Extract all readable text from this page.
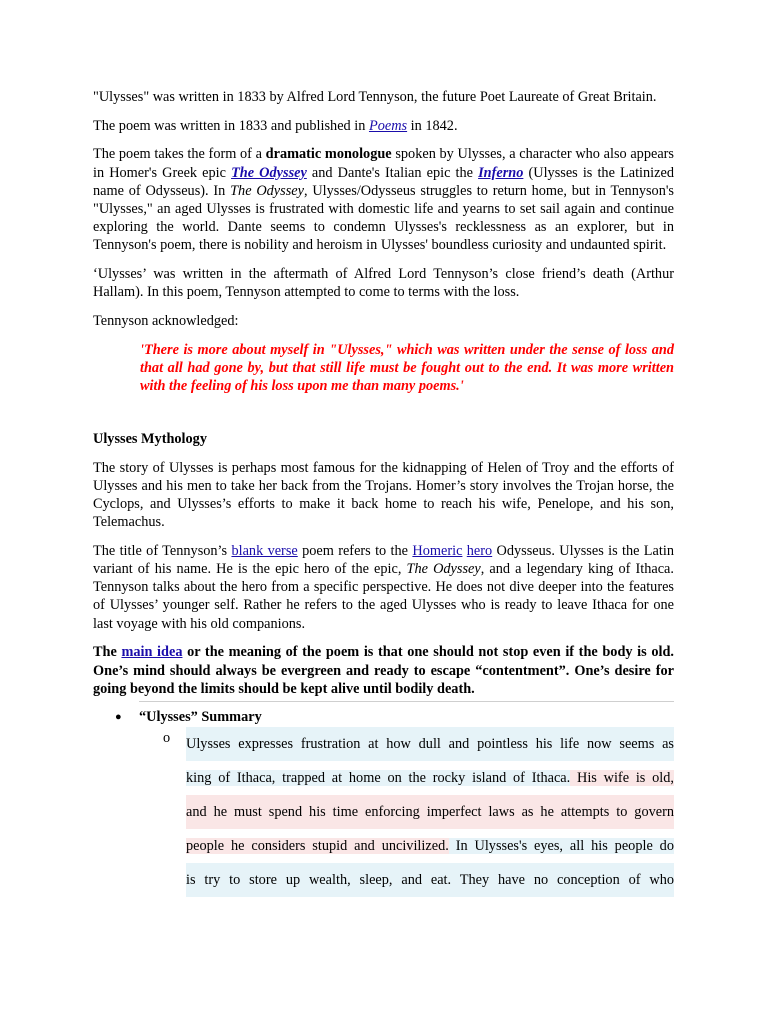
"Ulysses" was written in 1833 by Alfred Lord Tennyson, the future Poet Laureate of Great Britain.

The poem was written in 1833 and published in Poems in 1842.

The poem takes the form of a dramatic monologue spoken by Ulysses, a character who also appears in Homer's Greek epic The Odyssey and Dante's Italian epic the Inferno (Ulysses is the Latinized name of Odysseus). In The Odyssey, Ulysses/Odysseus struggles to return home, but in Tennyson's "Ulysses," an aged Ulysses is frustrated with domestic life and yearns to set sail again and continue exploring the world. Dante seems to condemn Ulysses's recklessness as an explorer, but in Tennyson's poem, there is nobility and heroism in Ulysses' boundless curiosity and undaunted spirit.

‘Ulysses’ was written in the aftermath of Alfred Lord Tennyson’s close friend’s death (Arthur Hallam). In this poem, Tennyson attempted to come to terms with the loss.

Tennyson acknowledged:

'There is more about myself in "Ulysses," which was written under the sense of loss and that all had gone by, but that still life must be fought out to the end. It was more written with the feeling of his loss upon me than many poems.'
Ulysses Mythology

The story of Ulysses is perhaps most famous for the kidnapping of Helen of Troy and the efforts of Ulysses and his men to take her back from the Trojans. Homer’s story involves the Trojan horse, the Cyclops, and Ulysses’s efforts to make it back home to reach his wife, Penelope, and his son, Telemachus.

The title of Tennyson’s blank verse poem refers to the Homeric hero Odysseus. Ulysses is the Latin variant of his name. He is the epic hero of the epic, The Odyssey, and a legendary king of Ithaca. Tennyson talks about the hero from a specific perspective. He does not dive deeper into the features of Ulysses’ younger self. Rather he refers to the aged Ulysses who is ready to leave Ithaca for one last voyage with his old companions.

The main idea or the meaning of the poem is that one should not stop even if the body is old. One’s mind should always be evergreen and ready to escape “contentment”. One’s desire for going beyond the limits should be kept alive until bodily death.

● “Ulysses” Summary
o Ulysses expresses frustration at how dull and pointless his life now seems as
king of Ithaca, trapped at home on the rocky island of Ithaca. His wife is old,
and he must spend his time enforcing imperfect laws as he attempts to govern
people he considers stupid and uncivilized. In Ulysses's eyes, all his people do
is try to store up wealth, sleep, and eat. They have no conception of who
